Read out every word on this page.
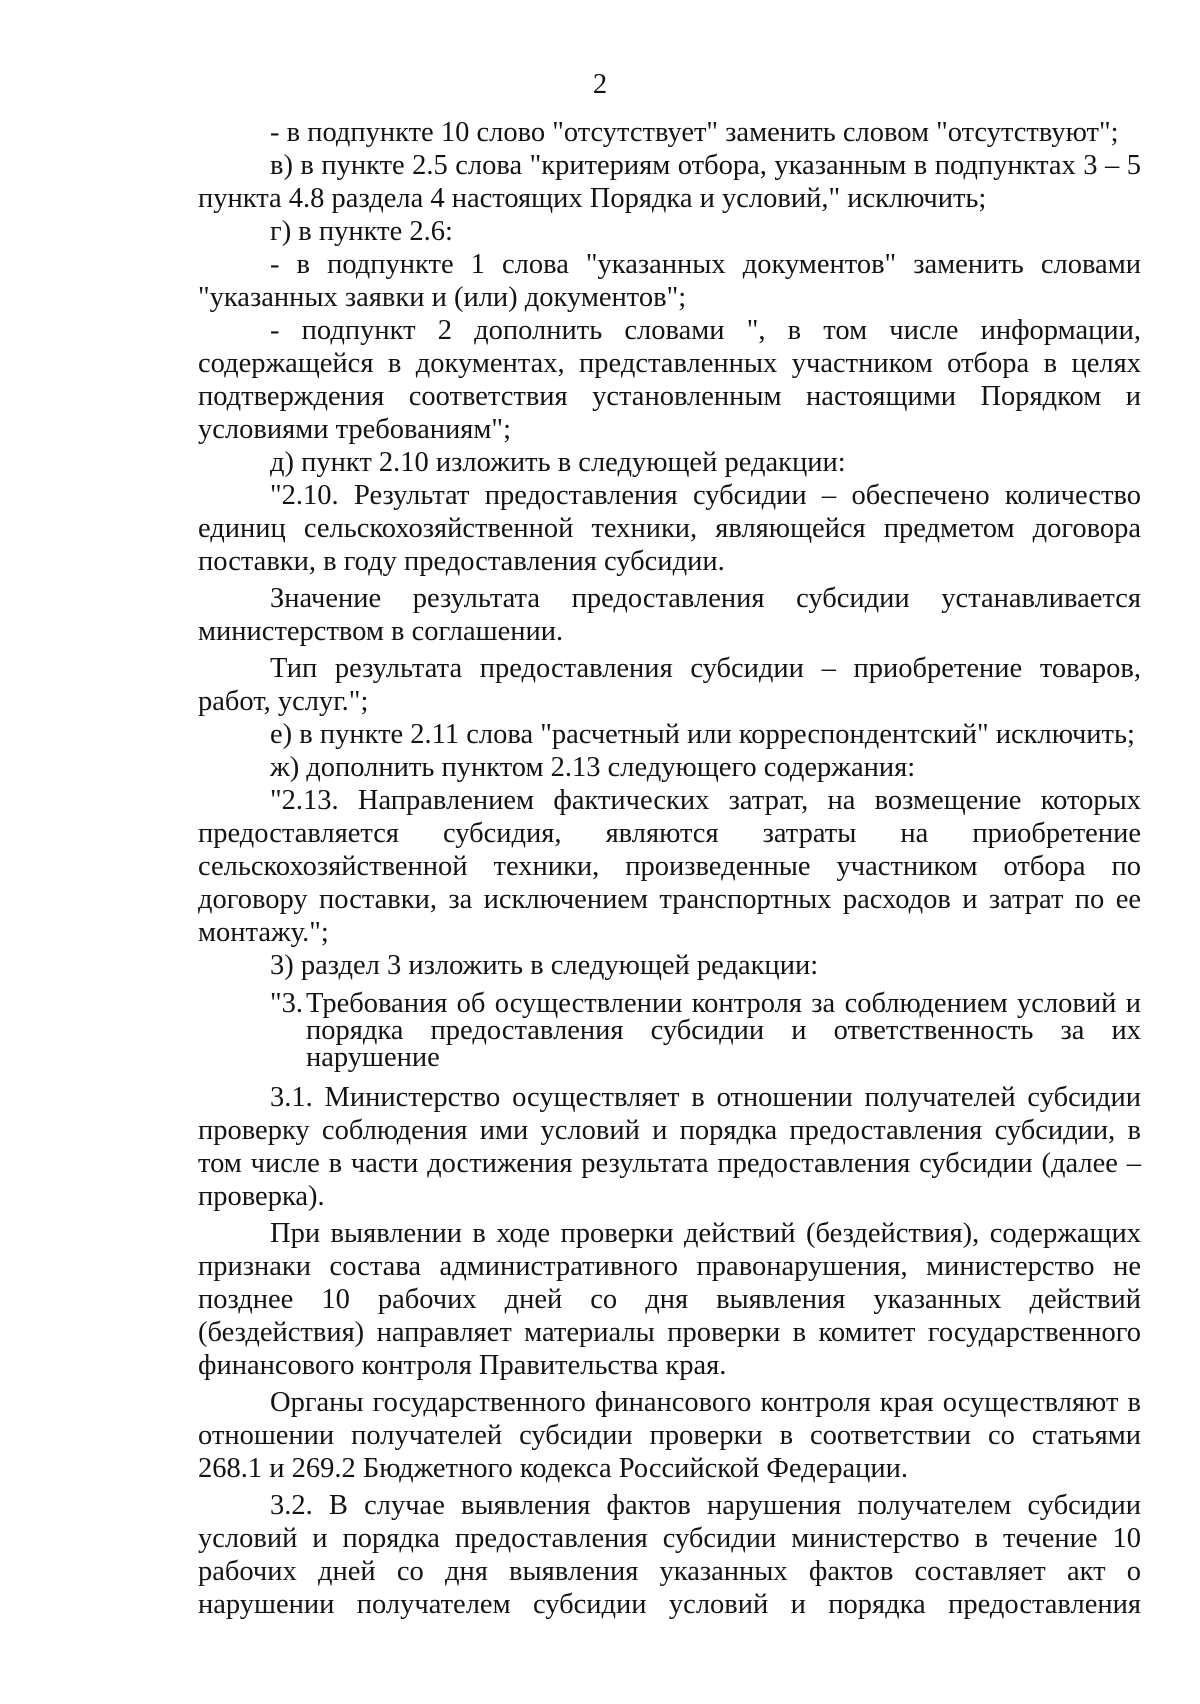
2

- в подпункте 10 слово "отсутствует" заменить словом "отсутствуют";

в) в пункте 2.5 слова "критериям отбора, указанным в подпунктах 3 – 5 пункта 4.8 раздела 4 настоящих Порядка и условий," исключить;

г) в пункте 2.6:

- в подпункте 1 слова "указанных документов" заменить словами "указанных заявки и (или) документов";

- подпункт 2 дополнить словами ", в том числе информации, содержащейся в документах, представленных участником отбора в целях подтверждения соответствия установленным настоящими Порядком и условиями требованиям";

д) пункт 2.10 изложить в следующей редакции:

"2.10. Результат предоставления субсидии – обеспечено количество единиц сельскохозяйственной техники, являющейся предметом договора поставки, в году предоставления субсидии.

Значение результата предоставления субсидии устанавливается министерством в соглашении.

Тип результата предоставления субсидии – приобретение товаров, работ, услуг.";

е) в пункте 2.11 слова "расчетный или корреспондентский" исключить;

ж) дополнить пунктом 2.13 следующего содержания:

"2.13. Направлением фактических затрат, на возмещение которых предоставляется субсидия, являются затраты на приобретение сельскохозяйственной техники, произведенные участником отбора по договору поставки, за исключением транспортных расходов и затрат по ее монтажу.";

3) раздел 3 изложить в следующей редакции:

"3. Требования об осуществлении контроля за соблюдением условий и
порядка предоставления субсидии и ответственность за их нарушение

3.1. Министерство осуществляет в отношении получателей субсидии проверку соблюдения ими условий и порядка предоставления субсидии, в том числе в части достижения результата предоставления субсидии (далее – проверка).

При выявлении в ходе проверки действий (бездействия), содержащих признаки состава административного правонарушения, министерство не позднее 10 рабочих дней со дня выявления указанных действий (бездействия) направляет материалы проверки в комитет государственного финансового контроля Правительства края.

Органы государственного финансового контроля края осуществляют в отношении получателей субсидии проверки в соответствии со статьями 268.1 и 269.2 Бюджетного кодекса Российской Федерации.

3.2. В случае выявления фактов нарушения получателем субсидии условий и порядка предоставления субсидии министерство в течение 10 рабочих дней со дня выявления указанных фактов составляет акт о нарушении получателем субсидии условий и порядка предоставления
